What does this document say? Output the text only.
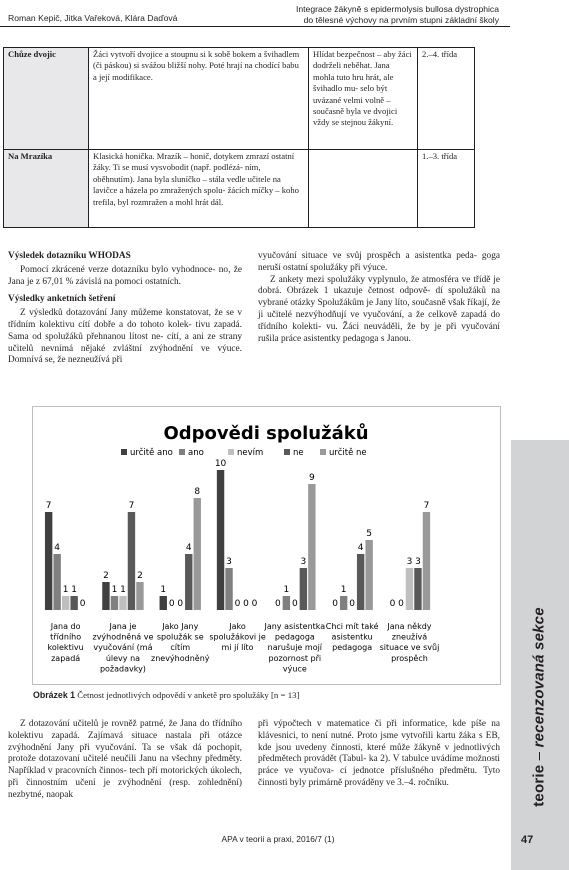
Roman Kepič, Jitka Vařeková, Klára Daďová
Integrace žákyně s epidermolysis bullosa dystrophica
do tělesné výchovy na prvním stupni základní školy
Chůze dvojic	Žáci vytvoří dvojice a stoupnu si k sobě bokem a švihadlem (či páskou) si svážou bližší nohy. Poté hrají na chodící babu a její modifikace.	Hlídat bezpečnost – aby žáci dodrželi neběhat. Jana mohla tuto hru hrát, ale švihadlo mu- selo být uvázané velmi volně – současně byla ve dvojici vždy se stejnou žákyní.	2.–4. třída
Na Mrazíka	Klasická honička. Mrazík – honič, dotykem zmrazí ostatní žáky. Ti se musí vysvobodit (např. podlézá- ním, oběhnutím). Jana byla sluníčko – stála vedle učitele na lavičce a házela po zmražených spolu- žácích míčky – koho trefila, byl rozmražen a mohl hrát dál.		1.–3. třída
Výsledek dotazníku WHODAS

Pomocí zkrácené verze dotazníku bylo vyhodnoce- no, že Jana je z 67,01 % závislá na pomoci ostatních.

Výsledky anketních šetření

Z výsledků dotazování Jany můžeme konstatovat, že se v třídním kolektivu cítí dobře a do tohoto kolek- tivu zapadá. Sama od spolužáků přehnanou lítost ne- cítí, a ani ze strany učitelů nevnímá nějaké zvláštní zvýhodnění ve výuce. Domnívá se, že nezneužívá při

vyučování situace ve svůj prospěch a asistentka peda- goga neruší ostatní spolužáky při výuce.

Z ankety mezi spolužáky vyplynulo, že atmosféra ve třídě je dobrá. Obrázek 1 ukazuje četnost odpově- dí spolužáků na vybrané otázky Spolužákům je Jany líto, současně však říkají, že ji učitelé nezvýhodňují ve vyučování, a že celkově zapadá do třídního kolekti- vu. Žáci neuváděli, že by je při vyučování rušila práce asistentky pedagoga s Janou.

Odpovědi spolužáků
určitě ano ano	nevím	ne	určitě ne
7
4
1 1
0
2
1 1
7
2
1
0 0
4
8
10
3
0 0 0 0
1
0
3
9
0
1
0
4
5
0 0
3 3
7
Jana do třídního kolektivu zapadá
Jana je zvýhodněná ve vyučování (má úlevy na požadavky)
Jako Jany spolužák se cítím znevýhodněný
Jako spolužákovi je mi jí líto
Jany asistentka pedagoga narušuje mojí pozornost při výuce
Chci mít také asistentku pedagoga
Jana někdy zneužívá situace ve svůj prospěch
Obrázek 1 Četnost jednotlivých odpovědí v anketě pro spolužáky [n = 13]

Z dotazování učitelů je rovněž patrné, že Jana do třídního kolektivu zapadá. Zajímavá situace nastala při otázce zvýhodnění Jany při vyučování. Ta se však dá pochopit, protože dotazovaní učitelé neučili Janu na všechny předměty. Například v pracovních činnos- tech při motorických úkolech, při činnostním učení je zvýhodnění (resp. zohlednění) nezbytné, naopak

při výpočtech v matematice či při informatice, kde píše na klávesnici, to není nutné. Proto jsme vytvořili kartu žáka s EB, kde jsou uvedeny činnosti, které může žákyně v jednotlivých předmětech provádět (Tabul- ka 2). V tabulce uvádíme možnosti práce ve vyučova- cí jednotce příslušného předmětu. Tyto činnosti byly primárně prováděny ve 3.–4. ročníku.	teorie – recenzovaná sekce
APA v teorii a praxi, 2016/7 (1)	47
